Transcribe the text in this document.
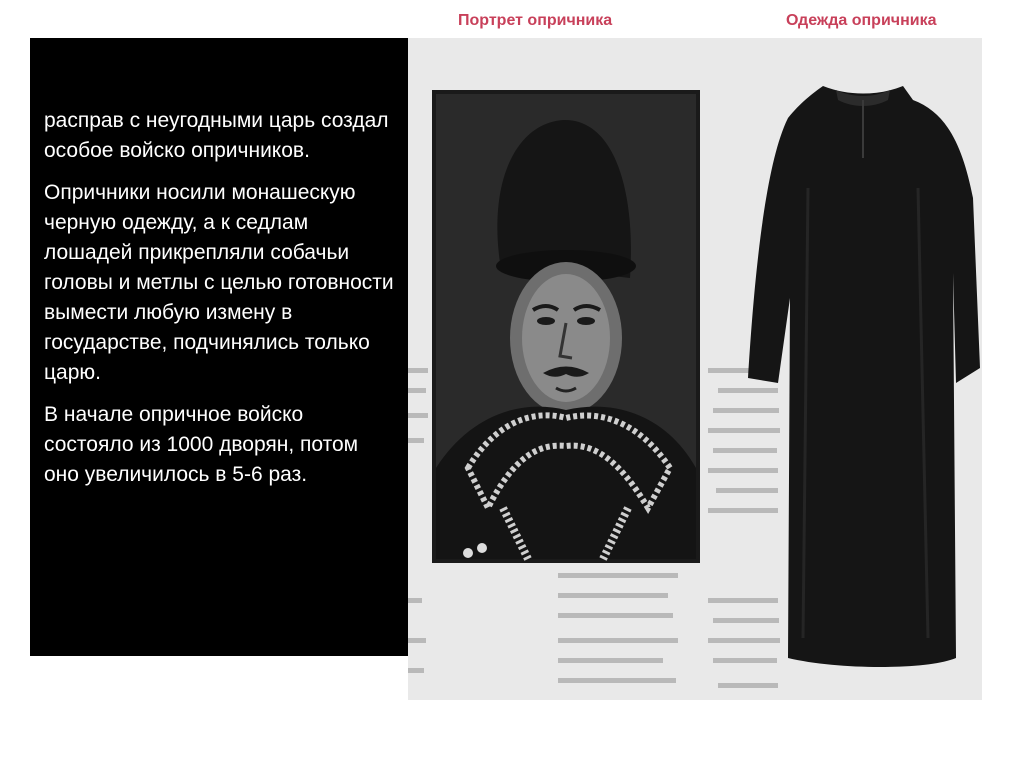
Портрет опричника	Одежда опричника

расправ с неугодными царь создал особое войско опричников.

Опричники носили монашескую черную одежду, а к седлам лошадей прикрепляли собачьи головы и метлы с целью готовности вымести любую измену в государстве, подчинялись только царю.

В начале опричное войско состояло из 1000 дворян, потом оно увеличилось в 5-6 раз.
